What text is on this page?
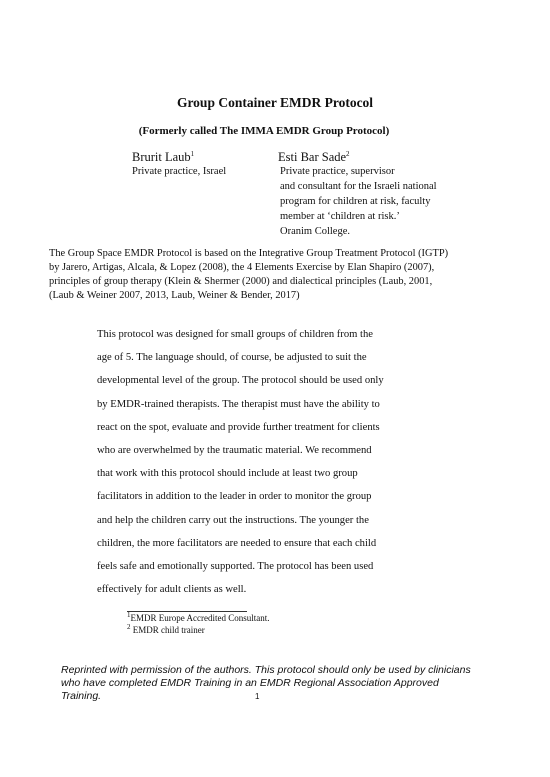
Group Container EMDR Protocol
(Formerly called The IMMA EMDR Group Protocol)
Brurit Laub$^1$	Esti Bar Sade$^2$
Private practice, Israel	Private practice, supervisor
and consultant for the Israeli national
program for children at risk, faculty
member at ‘children at risk.’
Oranim College.
The Group Space EMDR Protocol is based on the Integrative Group Treatment Protocol (IGTP)
by Jarero, Artigas, Alcala, & Lopez (2008), the 4 Elements Exercise by Elan Shapiro (2007),
principles of group therapy (Klein & Shermer (2000) and dialectical principles (Laub, 2001,
(Laub & Weiner 2007, 2013, Laub, Weiner & Bender, 2017)
This protocol was designed for small groups of children from the
age of 5. The language should, of course, be adjusted to suit the
developmental level of the group. The protocol should be used only
by EMDR-trained therapists. The therapist must have the ability to
react on the spot, evaluate and provide further treatment for clients
who are overwhelmed by the traumatic material. We recommend
that work with this protocol should include at least two group
facilitators in addition to the leader in order to monitor the group
and help the children carry out the instructions. The younger the
children, the more facilitators are needed to ensure that each child
feels safe and emotionally supported. The protocol has been used
effectively for adult clients as well.
$^1$EMDR Europe Accredited Consultant.
$^2$ EMDR child trainer
Reprinted with permission of the authors. This protocol should only be used by clinicians
who have completed EMDR Training in an EMDR Regional Association Approved
Training.	1
